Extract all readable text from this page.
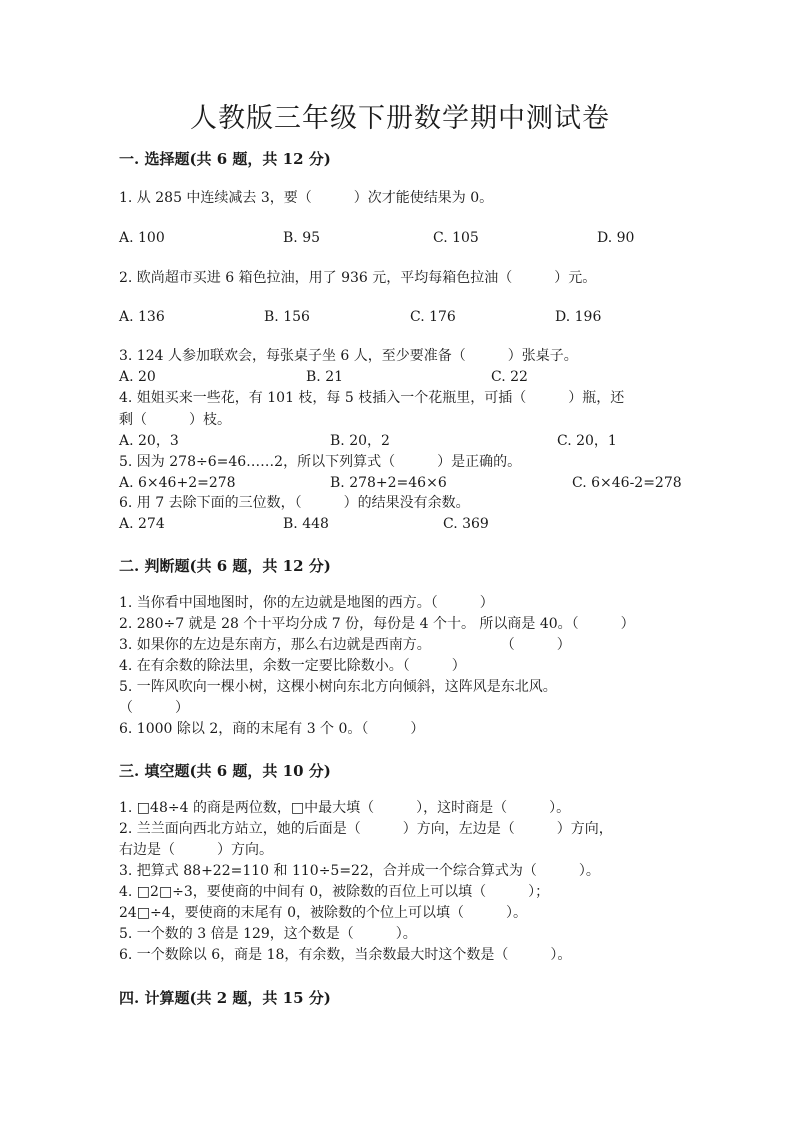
人教版三年级下册数学期中测试卷
一. 选择题(共 6 题，共 12 分)
1. 从 285 中连续减去 3，要（　　　）次才能使结果为 0。
A. 100	B. 95	C. 105	D. 90
2. 欧尚超市买进 6 箱色拉油，用了 936 元，平均每箱色拉油（　　　）元。
A. 136	B. 156	C. 176	D. 196
3. 124 人参加联欢会，每张桌子坐 6 人，至少要准备（　　　）张桌子。
A. 20	B. 21	C. 22
4. 姐姐买来一些花，有 101 枝，每 5 枝插入一个花瓶里，可插（　　　）瓶，还
剩（　　　）枝。
A. 20，3	B. 20，2	C. 20，1
5. 因为 278÷6=46……2，所以下列算式（　　　）是正确的。
A. 6×46+2=278	B. 278+2=46×6	C. 6×46-2=278
6. 用 7 去除下面的三位数，（　　　）的结果没有余数。
A. 274	B. 448	C. 369
二. 判断题(共 6 题，共 12 分)
1. 当你看中国地图时，你的左边就是地图的西方。（　　　）
2. 280÷7 就是 28 个十平均分成 7 份，每份是 4 个十。 所以商是 40。（　　　）
3. 如果你的左边是东南方，那么右边就是西南方。　　　　　　（　　　）
4. 在有余数的除法里，余数一定要比除数小。（　　　）
5. 一阵风吹向一棵小树，这棵小树向东北方向倾斜，这阵风是东北风。
（　　　）
6. 1000 除以 2，商的末尾有 3 个 0。（　　　）
三. 填空题(共 6 题，共 10 分)
1. □48÷4 的商是两位数，□中最大填（　　　），这时商是（　　　）。
2. 兰兰面向西北方站立，她的后面是（　　　）方向，左边是（　　　）方向，
右边是（　　　）方向。
3. 把算式 88+22=110 和 110÷5=22，合并成一个综合算式为（　　　）。
4. □2□÷3，要使商的中间有 0，被除数的百位上可以填（　　　）；
24□÷4，要使商的末尾有 0，被除数的个位上可以填（　　　）。
5. 一个数的 3 倍是 129，这个数是（　　　）。
6. 一个数除以 6，商是 18，有余数，当余数最大时这个数是（　　　）。
四. 计算题(共 2 题，共 15 分)
